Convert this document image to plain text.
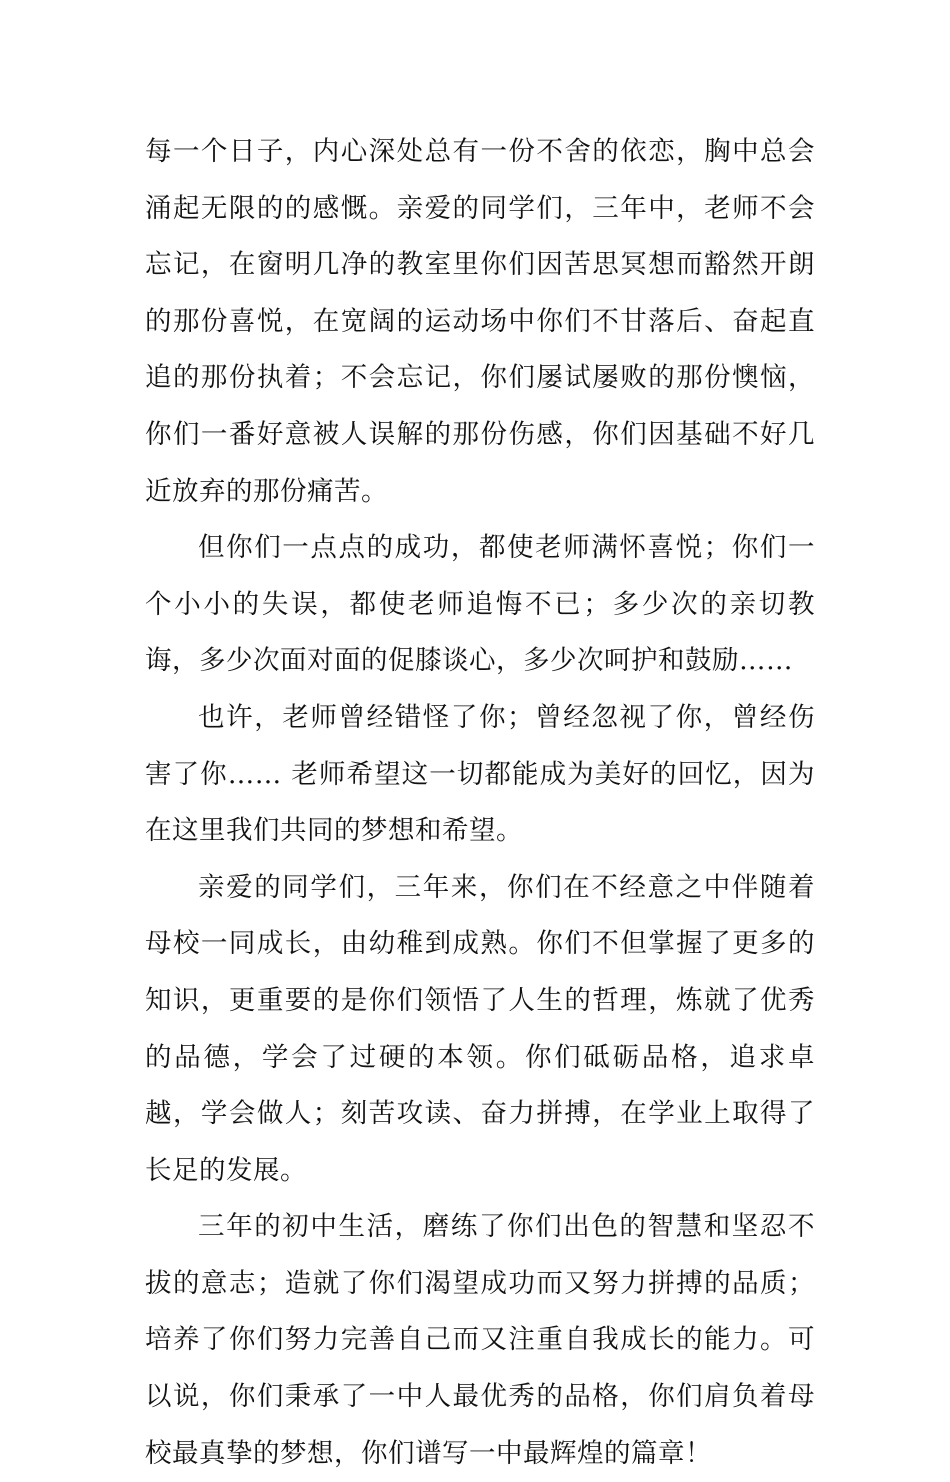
每一个日子，内心深处总有一份不舍的依恋，胸中总会涌起无限的的感慨。亲爱的同学们，三年中，老师不会忘记，在窗明几净的教室里你们因苦思冥想而豁然开朗的那份喜悦，在宽阔的运动场中你们不甘落后、奋起直追的那份执着；不会忘记，你们屡试屡败的那份懊恼，你们一番好意被人误解的那份伤感，你们因基础不好几近放弃的那份痛苦。

但你们一点点的成功，都使老师满怀喜悦；你们一个小小的失误，都使老师追悔不已；多少次的亲切教诲，多少次面对面的促膝谈心，多少次呵护和鼓励……

也许，老师曾经错怪了你；曾经忽视了你，曾经伤害了你…… 老师希望这一切都能成为美好的回忆，因为在这里我们共同的梦想和希望。

亲爱的同学们，三年来，你们在不经意之中伴随着母校一同成长，由幼稚到成熟。你们不但掌握了更多的知识，更重要的是你们领悟了人生的哲理，炼就了优秀的品德，学会了过硬的本领。你们砥砺品格，追求卓越，学会做人；刻苦攻读、奋力拼搏，在学业上取得了长足的发展。

三年的初中生活，磨练了你们出色的智慧和坚忍不拔的意志；造就了你们渴望成功而又努力拼搏的品质；培养了你们努力完善自己而又注重自我成长的能力。可以说，你们秉承了一中人最优秀的品格，你们肩负着母校最真挚的梦想，你们谱写一中最辉煌的篇章！
